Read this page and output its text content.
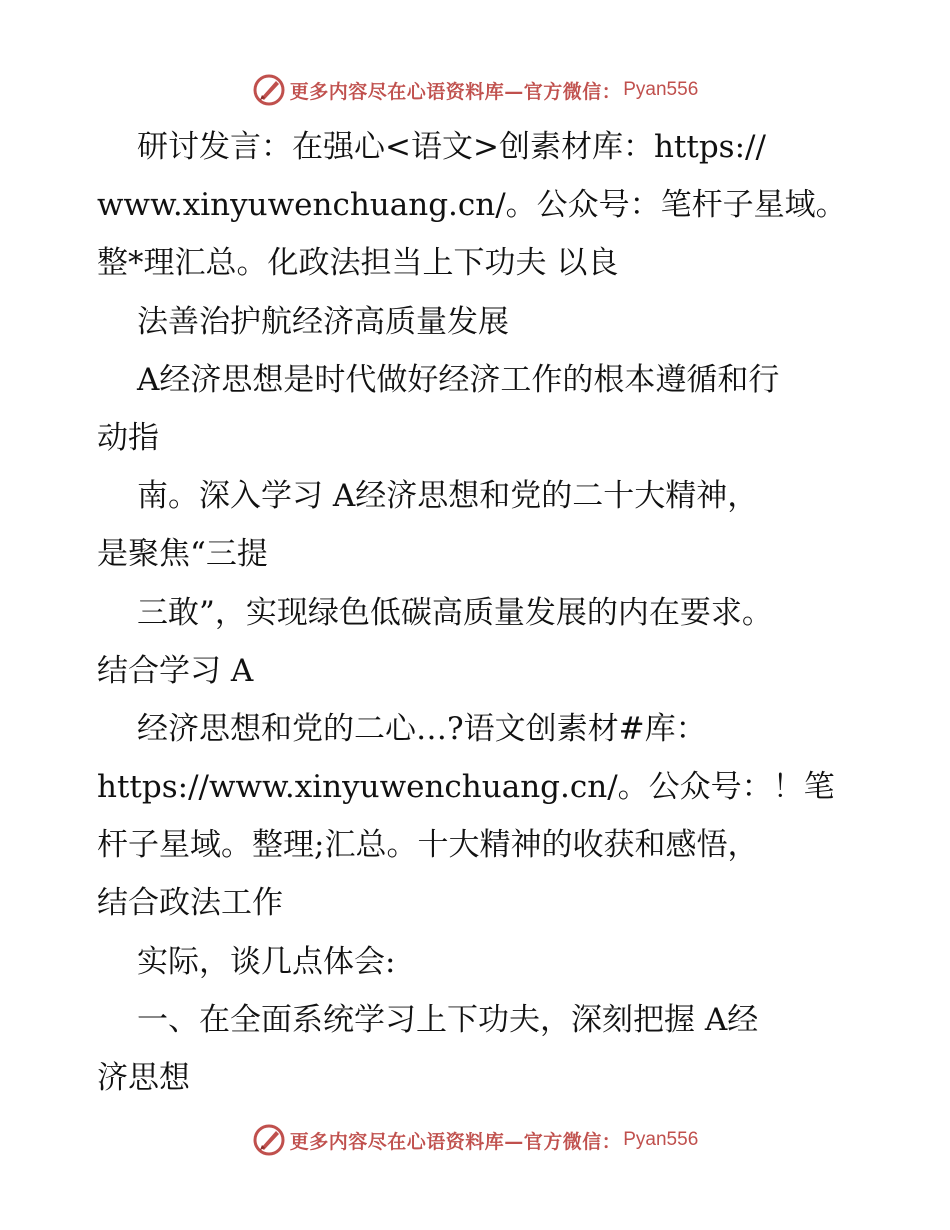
更多内容尽在心语资料库—官方微信： Pyan556
研讨发言：在强心<语文>创素材库：https://
www.xinyuwenchuang.cn/。公众号：笔杆子星域。
整*理汇总。化政法担当上下功夫 以良
法善治护航经济高质量发展
A经济思想是时代做好经济工作的根本遵循和行
动指
南。深入学习 A经济思想和党的二十大精神，
是聚焦“三提
三敢”，实现绿色低碳高质量发展的内在要求。
结合学习 A
经济思想和党的二心…?语文创素材#库：
https://www.xinyuwenchuang.cn/。公众号：！笔
杆子星域。整理;汇总。十大精神的收获和感悟，
结合政法工作
实际，谈几点体会:
一、在全面系统学习上下功夫，深刻把握 A经
济思想
更多内容尽在心语资料库—官方微信： Pyan556
